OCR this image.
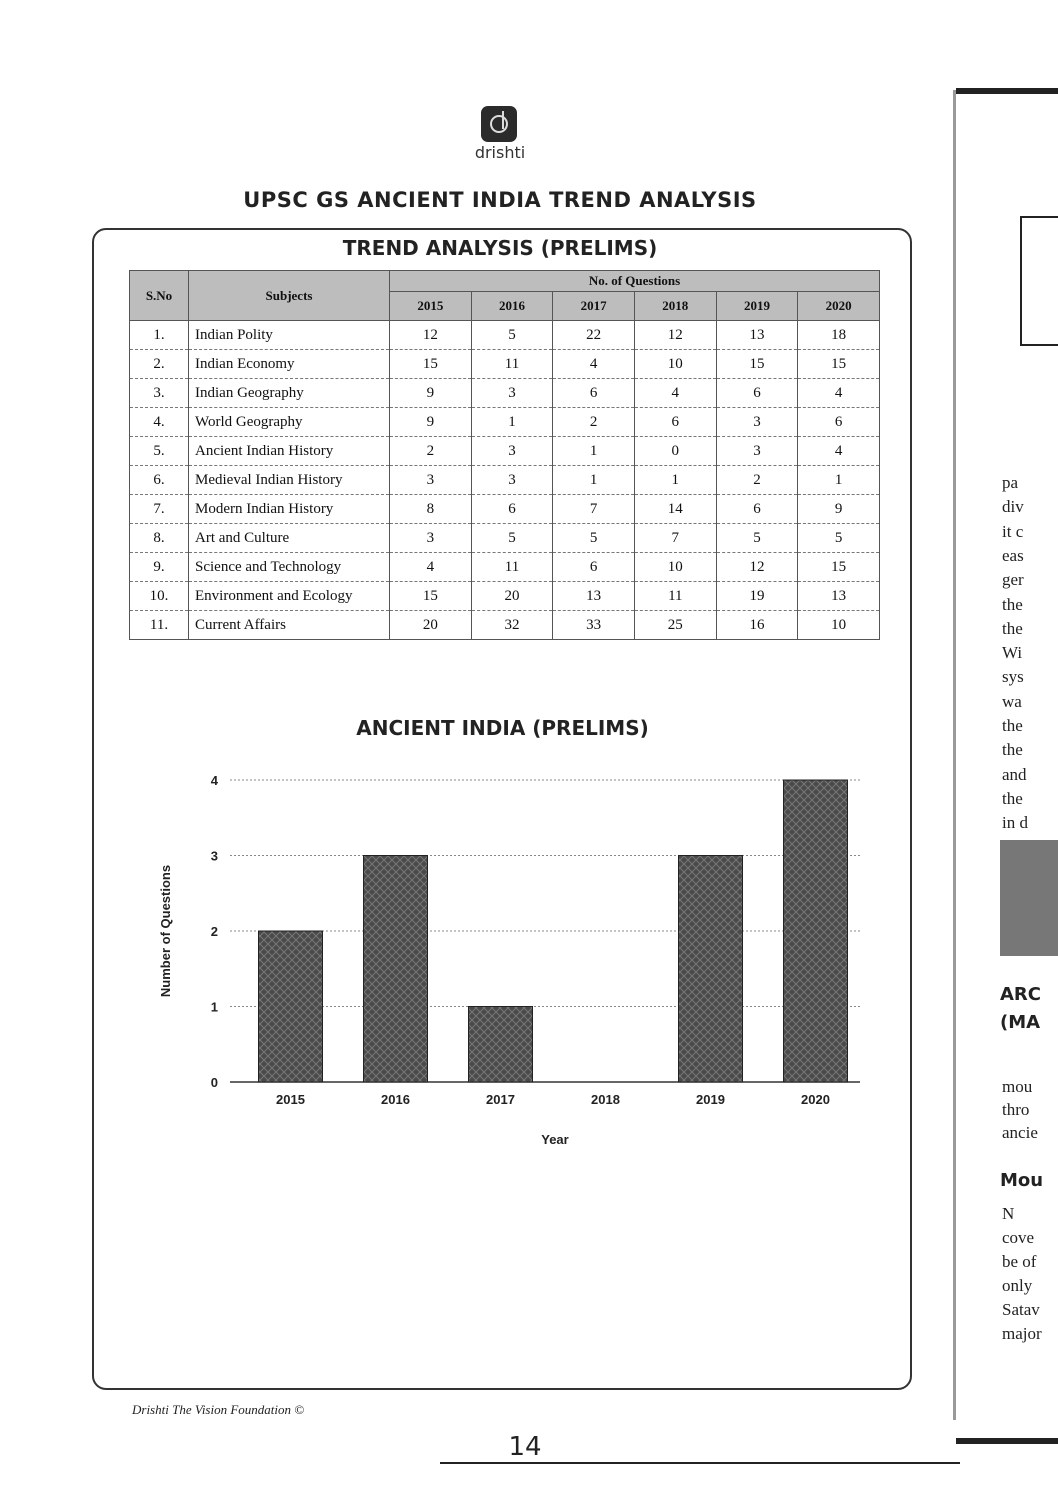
drishti
UPSC GS ANCIENT INDIA TREND ANALYSIS
TREND ANALYSIS (PRELIMS)
S.No	Subjects	No. of Questions					
		2015	2016	2017	2018	2019	2020
1.	Indian Polity	12	5	22	12	13	18
2.	Indian Economy	15	11	4	10	15	15
3.	Indian Geography	9	3	6	4	6	4
4.	World Geography	9	1	2	6	3	6
5.	Ancient Indian History	2	3	1	0	3	4
6.	Medieval Indian History	3	3	1	1	2	1
7.	Modern Indian History	8	6	7	14	6	9
8.	Art and Culture	3	5	5	7	5	5
9.	Science and Technology	4	11	6	10	12	15
10.	Environment and Ecology	15	20	13	11	19	13
11.	Current Affairs	20	32	33	25	16	10
ANCIENT INDIA (PRELIMS)
0
1
2
3
4
2015	2016	2017	2018	2019	2020
Year
Number of Questions
pa
div
it c
eas
ger
the
the
Wi
sys
wa
the
the
and
the
in d
ARC
(MA
mou
thro
ancie
Mou
N
cove
be of
only
Satav
major
Drishti The Vision Foundation ©
14
